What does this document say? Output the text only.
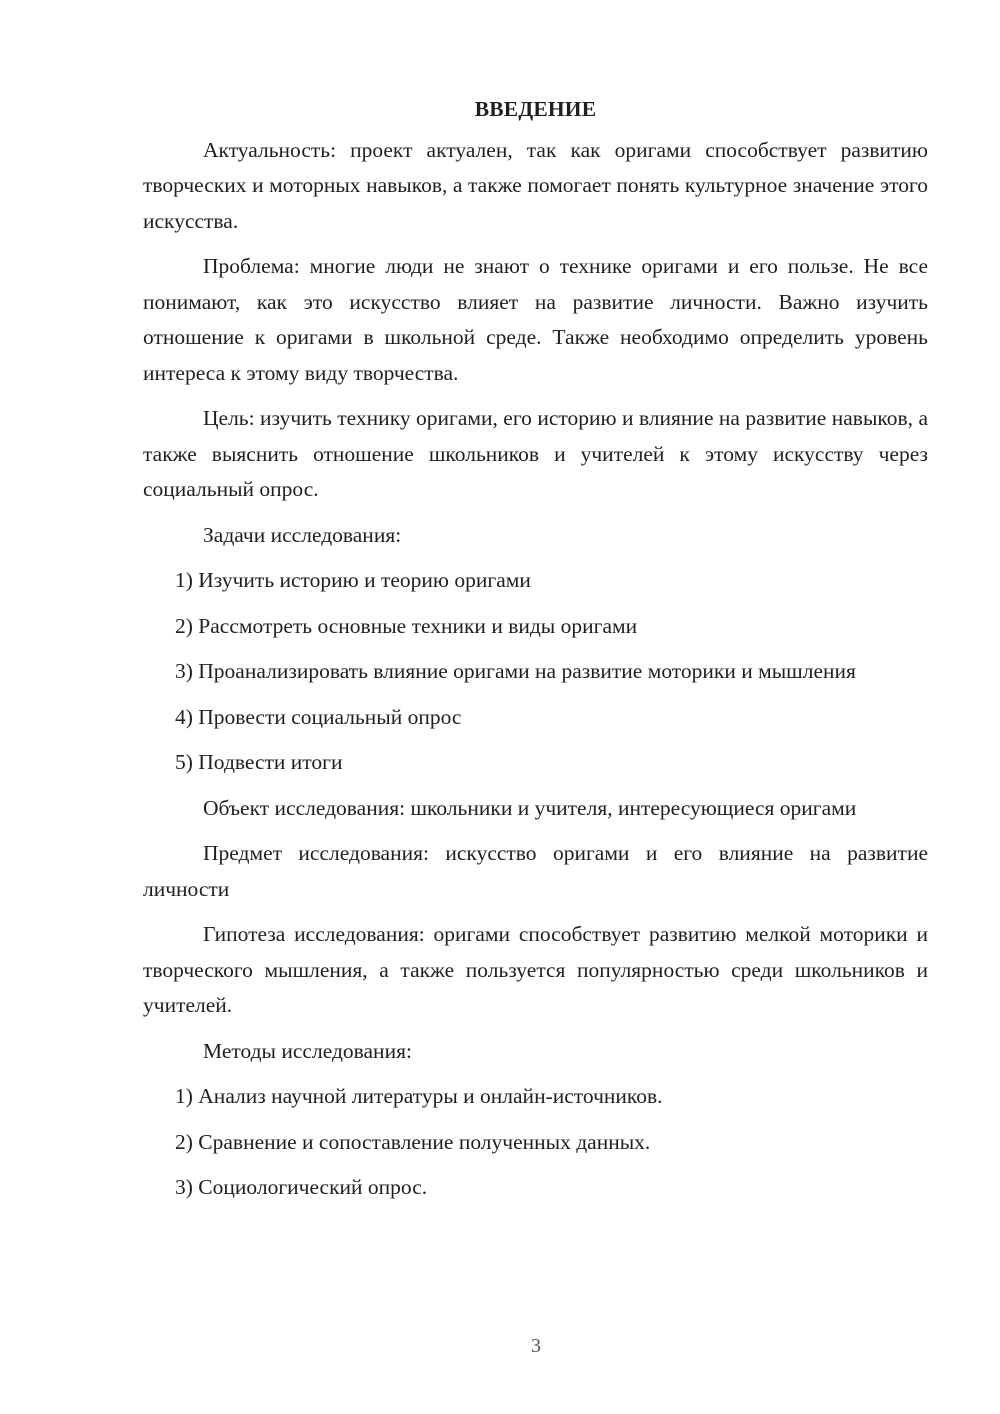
ВВЕДЕНИЕ

Актуальность: проект актуален, так как оригами способствует развитию творческих и моторных навыков, а также помогает понять культурное значение этого искусства.

Проблема: многие люди не знают о технике оригами и его пользе. Не все понимают, как это искусство влияет на развитие личности. Важно изучить отношение к оригами в школьной среде. Также необходимо определить уровень интереса к этому виду творчества.

Цель: изучить технику оригами, его историю и влияние на развитие навыков, а также выяснить отношение школьников и учителей к этому искусству через социальный опрос.

Задачи исследования:

1) Изучить историю и теорию оригами

2) Рассмотреть основные техники и виды оригами

3) Проанализировать влияние оригами на развитие моторики и мышления

4) Провести социальный опрос

5) Подвести итоги

Объект исследования: школьники и учителя, интересующиеся оригами

Предмет исследования: искусство оригами и его влияние на развитие личности

Гипотеза исследования: оригами способствует развитию мелкой моторики и творческого мышления, а также пользуется популярностью среди школьников и учителей.

Методы исследования:

1) Анализ научной литературы и онлайн-источников.

2) Сравнение и сопоставление полученных данных.

3) Социологический опрос.

3
